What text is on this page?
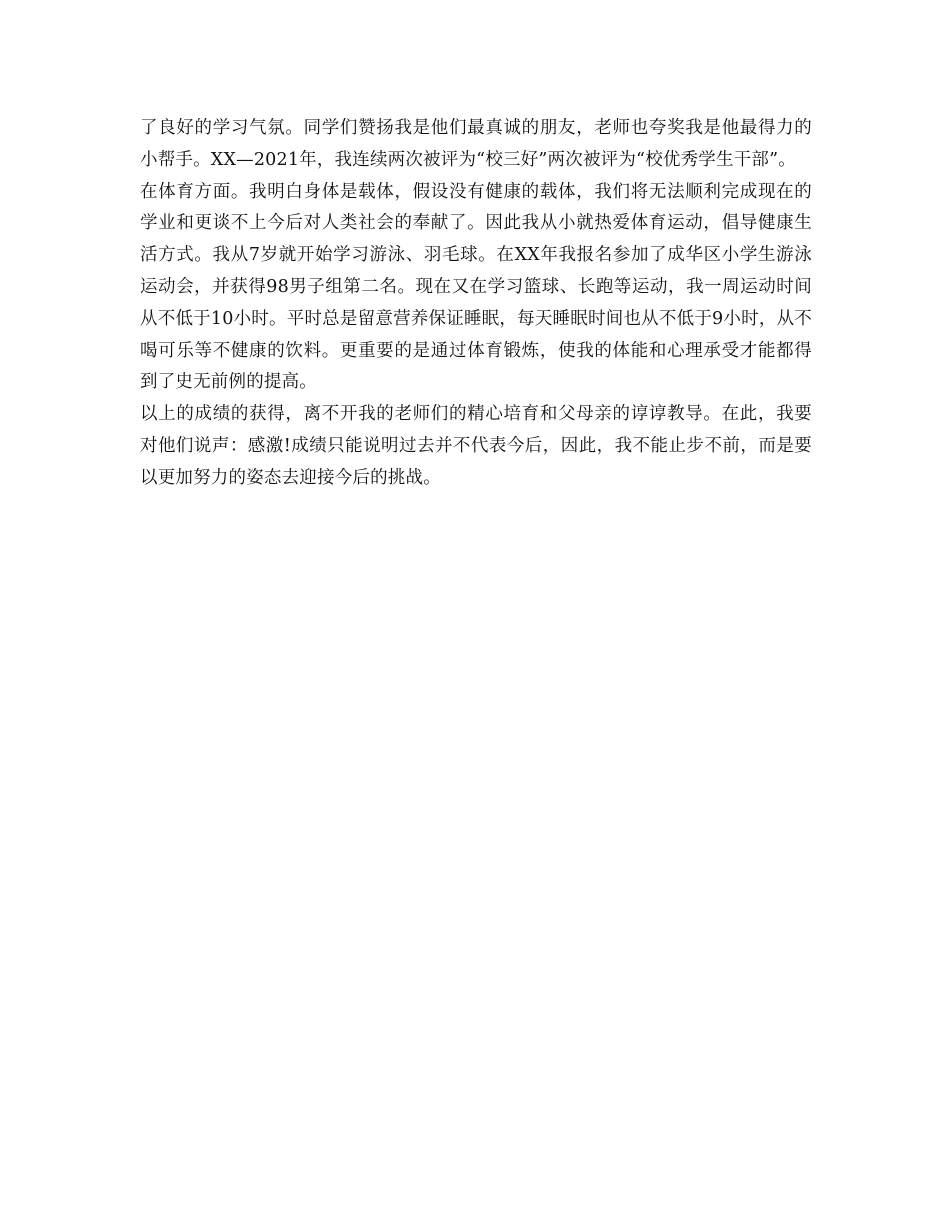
了良好的学习气氛。同学们赞扬我是他们最真诚的朋友，老师也夸奖我是他最得力的小帮手。XX—2021年，我连续两次被评为“校三好”两次被评为“校优秀学生干部”。

在体育方面。我明白身体是载体，假设没有健康的载体，我们将无法顺利完成现在的学业和更谈不上今后对人类社会的奉献了。因此我从小就热爱体育运动，倡导健康生活方式。我从7岁就开始学习游泳、羽毛球。在XX年我报名参加了成华区小学生游泳运动会，并获得98男子组第二名。现在又在学习篮球、长跑等运动，我一周运动时间从不低于10小时。平时总是留意营养保证睡眠，每天睡眠时间也从不低于9小时，从不喝可乐等不健康的饮料。更重要的是通过体育锻炼，使我的体能和心理承受才能都得到了史无前例的提高。

以上的成绩的获得，离不开我的老师们的精心培育和父母亲的谆谆教导。在此，我要对他们说声：感激!成绩只能说明过去并不代表今后，因此，我不能止步不前，而是要以更加努力的姿态去迎接今后的挑战。
